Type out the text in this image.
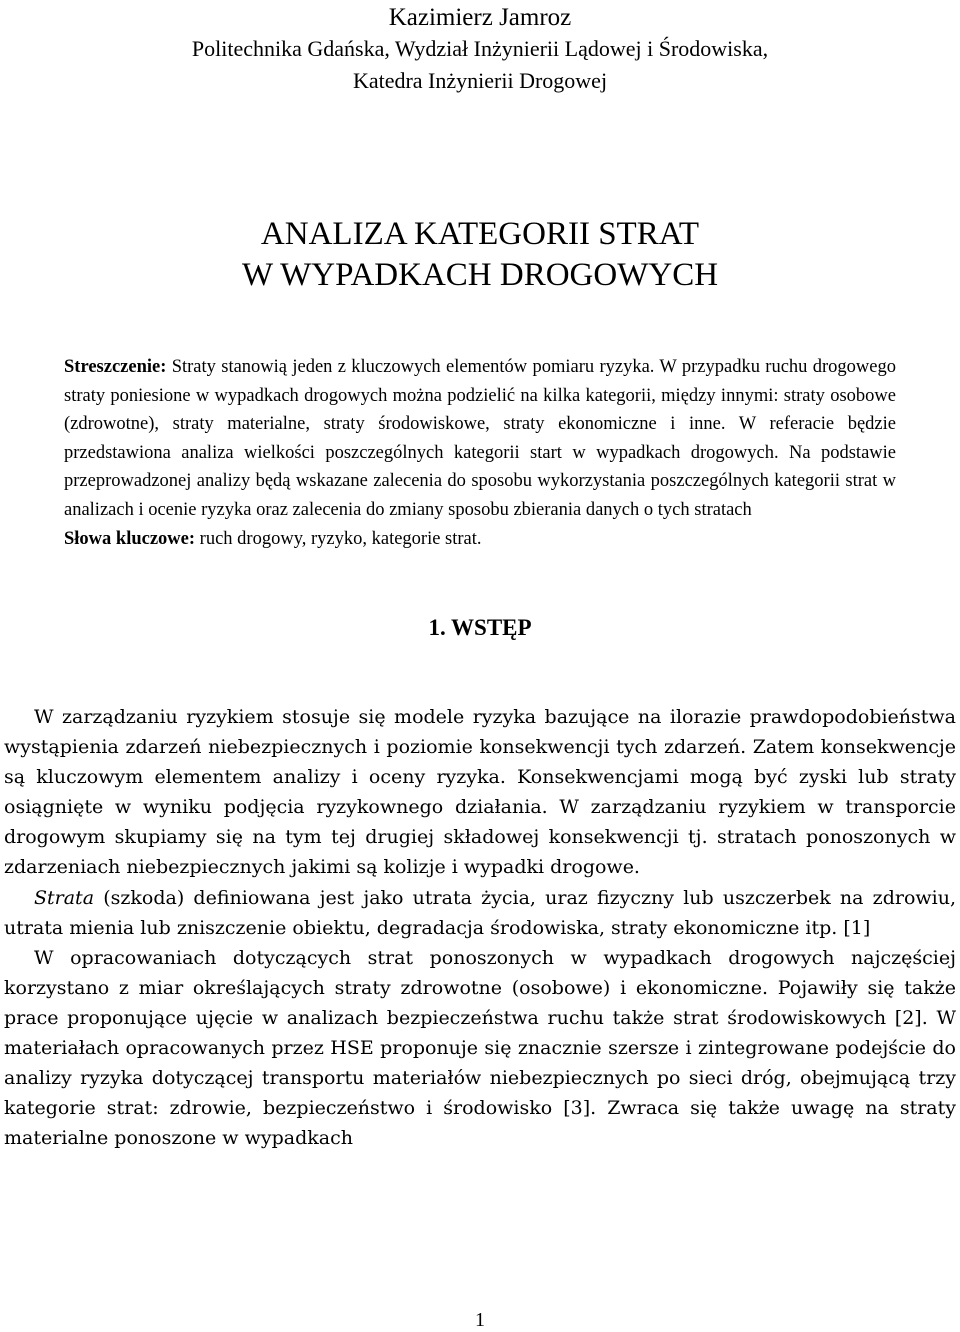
Kazimierz Jamroz
Politechnika Gdańska, Wydział Inżynierii Lądowej i Środowiska,
Katedra Inżynierii Drogowej
ANALIZA KATEGORII STRAT
W WYPADKACH DROGOWYCH

Streszczenie: Straty stanowią jeden z kluczowych elementów pomiaru ryzyka. W przypadku ruchu drogowego straty poniesione w wypadkach drogowych można podzielić na kilka kategorii, między innymi: straty osobowe (zdrowotne), straty materialne, straty środowiskowe, straty ekonomiczne i inne. W referacie będzie przedstawiona analiza wielkości poszczególnych kategorii start w wypadkach drogowych. Na podstawie przeprowadzonej analizy będą wskazane zalecenia do sposobu wykorzystania poszczególnych kategorii strat w analizach i ocenie ryzyka oraz zalecenia do zmiany sposobu zbierania danych o tych stratach

Słowa kluczowe: ruch drogowy, ryzyko, kategorie strat.

1. WSTĘP

W zarządzaniu ryzykiem stosuje się modele ryzyka bazujące na ilorazie prawdopodobieństwa wystąpienia zdarzeń niebezpiecznych i poziomie konsekwencji tych zdarzeń. Zatem konsekwencje są kluczowym elementem analizy i oceny ryzyka. Konsekwencjami mogą być zyski lub straty osiągnięte w wyniku podjęcia ryzykownego działania. W zarządzaniu ryzykiem w transporcie drogowym skupiamy się na tym tej drugiej składowej konsekwencji tj. stratach ponoszonych w zdarzeniach niebezpiecznych jakimi są kolizje i wypadki drogowe.

Strata (szkoda) definiowana jest jako utrata życia, uraz fizyczny lub uszczerbek na zdrowiu, utrata mienia lub zniszczenie obiektu, degradacja środowiska, straty ekonomiczne itp. [1]

W opracowaniach dotyczących strat ponoszonych w wypadkach drogowych najczęściej korzystano z miar określających straty zdrowotne (osobowe) i ekonomiczne. Pojawiły się także prace proponujące ujęcie w analizach bezpieczeństwa ruchu także strat środowiskowych [2]. W materiałach opracowanych przez HSE proponuje się znacznie szersze i zintegrowane podejście do analizy ryzyka dotyczącej transportu materiałów niebezpiecznych po sieci dróg, obejmującą trzy kategorie strat: zdrowie, bezpieczeństwo i środowisko [3]. Zwraca się także uwagę na straty materialne ponoszone w wypadkach

1
